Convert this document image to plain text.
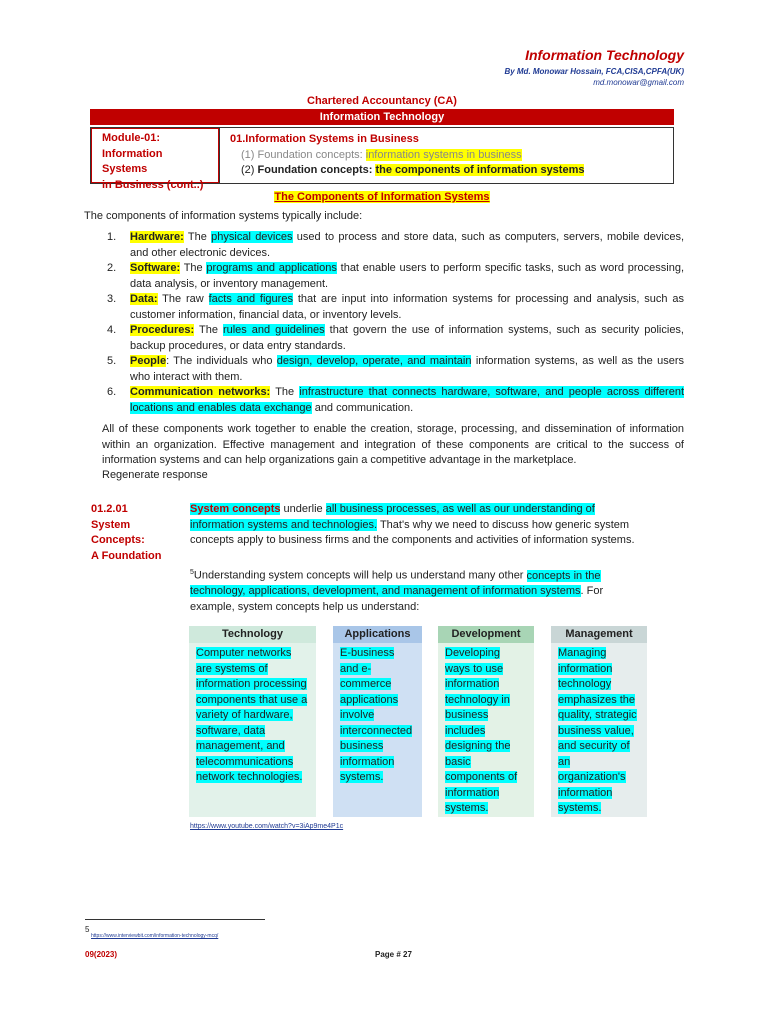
Information Technology
By Md. Monowar Hossain, FCA,CISA,CPFA(UK)
md.monowar@gmail.com
Chartered Accountancy (CA)
Information Technology
Module-01:
Information Systems
in Business (cont..)
01.Information Systems in Business
(1) Foundation concepts: information systems in business
(2) Foundation concepts: the components of information systems
The Components of Information Systems
The components of information systems typically include:
1. Hardware: The physical devices used to process and store data, such as computers, servers, mobile devices, and other electronic devices.
2. Software: The programs and applications that enable users to perform specific tasks, such as word processing, data analysis, or inventory management.
3. Data: The raw facts and figures that are input into information systems for processing and analysis, such as customer information, financial data, or inventory levels.
4. Procedures: The rules and guidelines that govern the use of information systems, such as security policies, backup procedures, or data entry standards.
5. People: The individuals who design, develop, operate, and maintain information systems, as well as the users who interact with them.
6. Communication networks: The infrastructure that connects hardware, software, and people across different locations and enables data exchange and communication.
All of these components work together to enable the creation, storage, processing, and dissemination of information within an organization. Effective management and integration of these components are critical to the success of information systems and can help organizations gain a competitive advantage in the marketplace.
Regenerate response
01.2.01
System
Concepts:
A Foundation
System concepts underlie all business processes, as well as our understanding of information systems and technologies. That's why we need to discuss how generic system concepts apply to business firms and the components and activities of information systems.
$^5$Understanding system concepts will help us understand many other concepts in the technology, applications, development, and management of information systems. For example, system concepts help us understand:
Technology
Computer networks are systems of information processing components that use a variety of hardware, software, data management, and telecommunications network technologies.
Applications
E-business and e-commerce applications involve interconnected business information systems.
Development
Developing ways to use information technology in business includes designing the basic components of information systems.
Management
Managing information technology emphasizes the quality, strategic business value, and security of an organization's information systems.
https://www.youtube.com/watch?v=3iAp9me4P1c
5
https://www.interviewbit.com/information-technology-mcq/
09(2023)	Page # 27
